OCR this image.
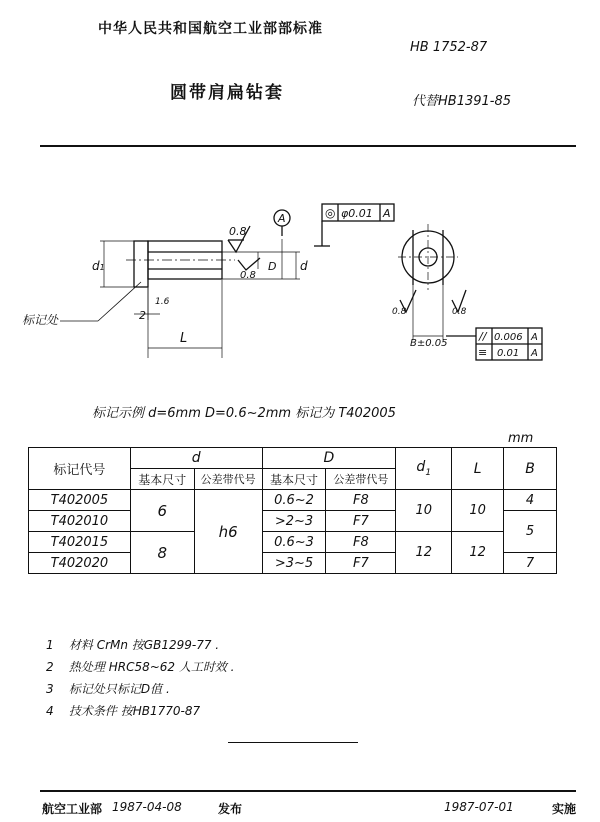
中华人民共和国航空工业部部标准
HB 1752-87
圆带肩扁钻套	代替HB1391-85
0.8
A	◎ φ0.01 A
d
D
0.8
d1
2
1.6
L
标记处
0.8	0.8
B±0.05
// 0.006 A
≡ 0.01 A
标记示例 d=6mm D=0.6~2mm 标记为 T402005
mm
标记代号	d		D		$d_1$	L	B
	基本尺寸	公差带代号	基本尺寸	公差带代号			
T402005	6	h6	0.6~2	F8	10	10	4
T402010			>2~3	F7			5
T402015	8		0.6~3	F8	12	12	
T402020			>3~5	F7			7
1 材料 CrMn 按GB1299-77 .
2 热处理 HRC58~62 人工时效 .
3 标记处只标记D值 .
4 技术条件 按HB1770-87
航空工业部 1987-04-08	发布	1987-07-01	实施
